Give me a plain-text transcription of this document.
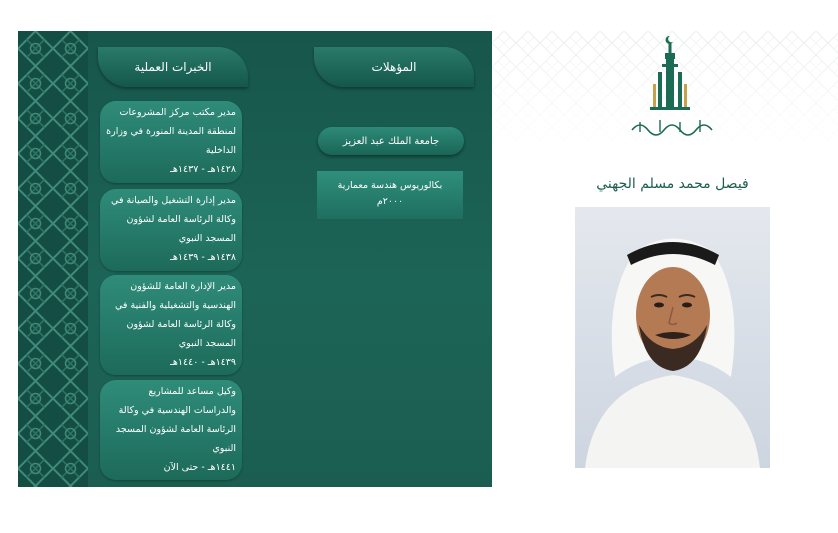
الخبرات العملية	المؤهلات
مدير مكتب مركز المشروعات لمنطقة المدينة المنورة في وزارة الداخلية
١٤٢٨هـ - ١٤٣٧هـ
مدير إدارة التشغيل والصيانة في وكالة الرئاسة العامة لشؤون المسجد النبوي
١٤٣٨هـ - ١٤٣٩هـ
مدير الإدارة العامة للشؤون الهندسية والتشغيلية والفنية في وكالة الرئاسة العامة لشؤون المسجد النبوي
١٤٣٩هـ - ١٤٤٠هـ
وكيل مساعد للمشاريع والدراسات الهندسية في وكالة الرئاسة العامة لشؤون المسجد النبوي
١٤٤١هـ - حتى الآن
جامعة الملك عبد العزيز
بكالوريوس هندسة معمارية
٢٠٠٠م
فيصل محمد مسلم الجهني
